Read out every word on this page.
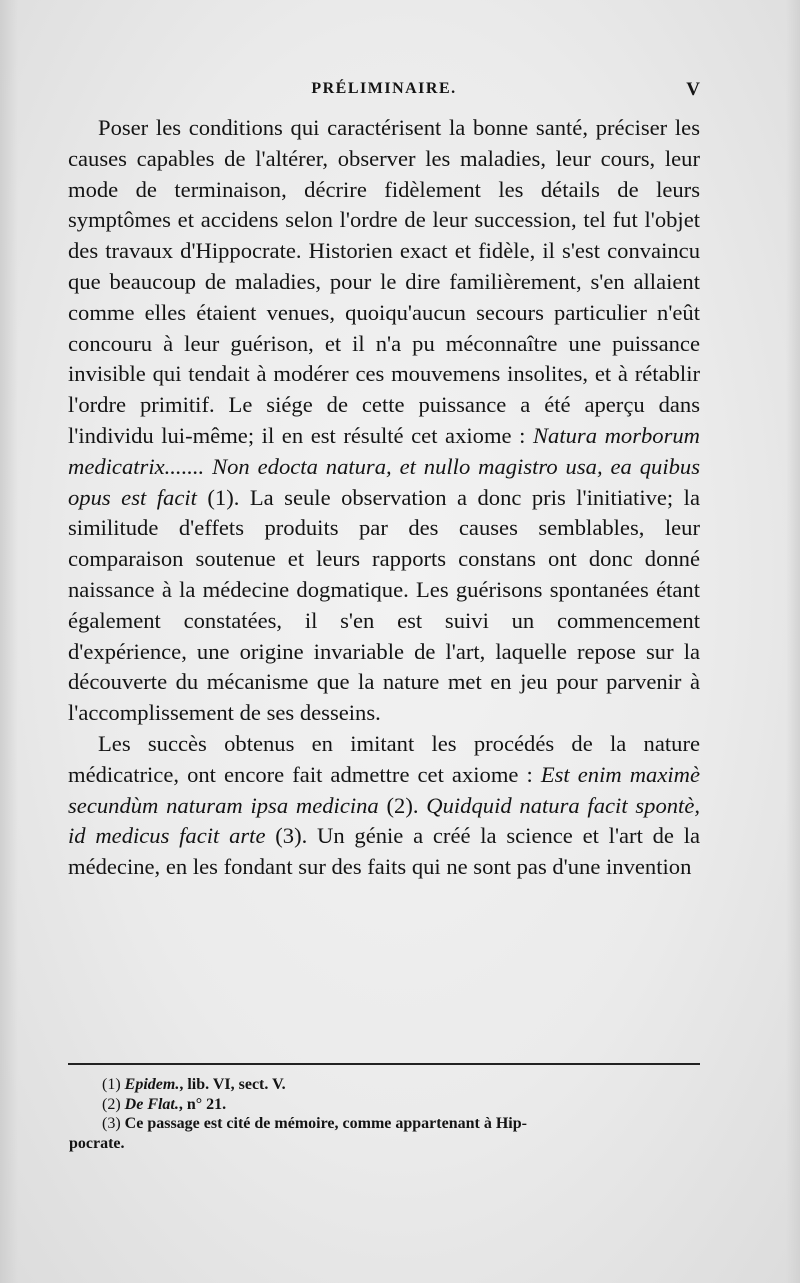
PRÉLIMINAIRE.	V

Poser les conditions qui caractérisent la bonne santé, préciser les causes capables de l'altérer, observer les maladies, leur cours, leur mode de terminaison, décrire fidèlement les détails de leurs symptômes et accidens selon l'ordre de leur succession, tel fut l'objet des travaux d'Hippocrate. Historien exact et fidèle, il s'est convaincu que beaucoup de maladies, pour le dire familièrement, s'en allaient comme elles étaient venues, quoiqu'aucun secours particulier n'eût concouru à leur guérison, et il n'a pu méconnaître une puissance invisible qui tendait à modérer ces mouvemens insolites, et à rétablir l'ordre primitif. Le siége de cette puissance a été aperçu dans l'individu lui-même; il en est résulté cet axiome : Natura morborum medicatrix....... Non edocta natura, et nullo magistro usa, ea quibus opus est facit (1). La seule observation a donc pris l'initiative; la similitude d'effets produits par des causes semblables, leur comparaison soutenue et leurs rapports constans ont donc donné naissance à la médecine dogmatique. Les guérisons spontanées étant également constatées, il s'en est suivi un commencement d'expérience, une origine invariable de l'art, laquelle repose sur la découverte du mécanisme que la nature met en jeu pour parvenir à l'accomplissement de ses desseins.

Les succès obtenus en imitant les procédés de la nature médicatrice, ont encore fait admettre cet axiome : Est enim maximè secundùm naturam ipsa medicina (2). Quidquid natura facit spontè, id medicus facit arte (3). Un génie a créé la science et l'art de la médecine, en les fondant sur des faits qui ne sont pas d'une invention

(1) Epidem., lib. VI, sect. V.

(2) De Flat., n° 21.

(3) Ce passage est cité de mémoire, comme appartenant à Hip-
pocrate.
